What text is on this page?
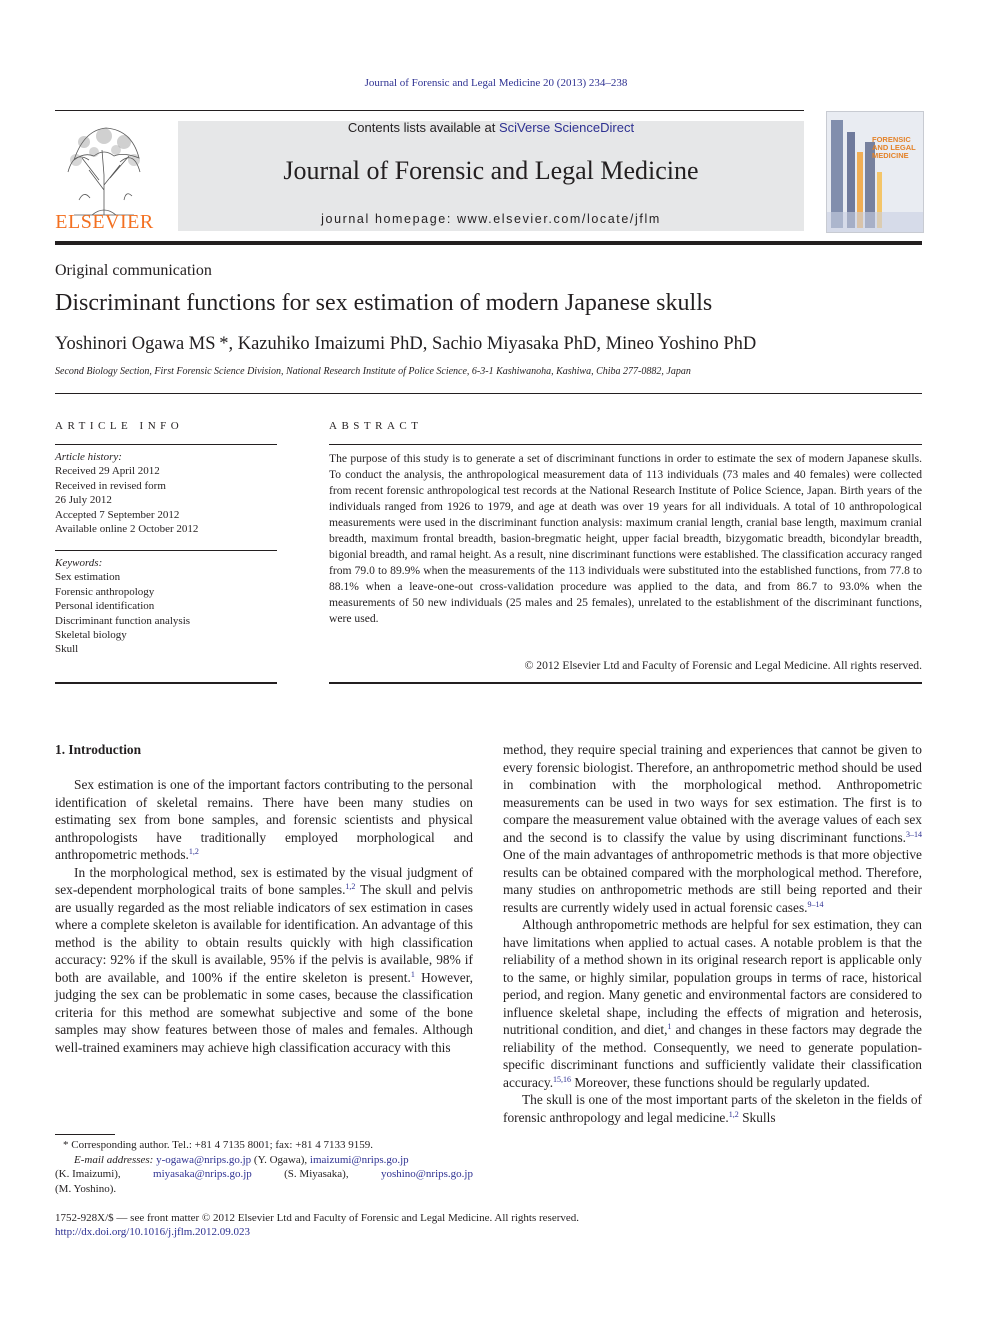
Journal of Forensic and Legal Medicine 20 (2013) 234–238
ELSEVIER
Contents lists available at SciVerse ScienceDirect
Journal of Forensic and Legal Medicine
journal homepage: www.elsevier.com/locate/jflm
FORENSIC
AND LEGAL
MEDICINE
Original communication
Discriminant functions for sex estimation of modern Japanese skulls
Yoshinori Ogawa MS *, Kazuhiko Imaizumi PhD, Sachio Miyasaka PhD, Mineo Yoshino PhD
Second Biology Section, First Forensic Science Division, National Research Institute of Police Science, 6-3-1 Kashiwanoha, Kashiwa, Chiba 277-0882, Japan
ARTICLE INFO
Article history:
Received 29 April 2012
Received in revised form
26 July 2012
Accepted 7 September 2012
Available online 2 October 2012
Keywords:
Sex estimation
Forensic anthropology
Personal identification
Discriminant function analysis
Skeletal biology
Skull
ABSTRACT
The purpose of this study is to generate a set of discriminant functions in order to estimate the sex of modern Japanese skulls. To conduct the analysis, the anthropological measurement data of 113 individuals (73 males and 40 females) were collected from recent forensic anthropological test records at the National Research Institute of Police Science, Japan. Birth years of the individuals ranged from 1926 to 1979, and age at death was over 19 years for all individuals. A total of 10 anthropological measurements were used in the discriminant function analysis: maximum cranial length, cranial base length, maximum cranial breadth, maximum frontal breadth, basion-bregmatic height, upper facial breadth, bizygomatic breadth, bicondylar breadth, bigonial breadth, and ramal height. As a result, nine discriminant functions were established. The classification accuracy ranged from 79.0 to 89.9% when the measurements of the 113 individuals were substituted into the established functions, from 77.8 to 88.1% when a leave-one-out cross-validation procedure was applied to the data, and from 86.7 to 93.0% when the measurements of 50 new individuals (25 males and 25 females), unrelated to the establishment of the discriminant functions, were used.
© 2012 Elsevier Ltd and Faculty of Forensic and Legal Medicine. All rights reserved.
1. Introduction

Sex estimation is one of the important factors contributing to the personal identification of skeletal remains. There have been many studies on estimating sex from bone samples, and forensic scientists and physical anthropologists have traditionally employed morphological and anthropometric methods.$^{1,2}$

In the morphological method, sex is estimated by the visual judgment of sex-dependent morphological traits of bone samples.$^{1,2}$ The skull and pelvis are usually regarded as the most reliable indicators of sex estimation in cases where a complete skeleton is available for identification. An advantage of this method is the ability to obtain results quickly with high classification accuracy: 92% if the skull is available, 95% if the pelvis is available, 98% if both are available, and 100% if the entire skeleton is present.$^1$ However, judging the sex can be problematic in some cases, because the classification criteria for this method are somewhat subjective and some of the bone samples may show features between those of males and females. Although well-trained examiners may achieve high classification accuracy with this

method, they require special training and experiences that cannot be given to every forensic biologist. Therefore, an anthropometric method should be used in combination with the morphological method. Anthropometric measurements can be used in two ways for sex estimation. The first is to compare the measurement value obtained with the average values of each sex and the second is to classify the value by using discriminant functions.$^{3-14}$ One of the main advantages of anthropometric methods is that more objective results can be obtained compared with the morphological method. Therefore, many studies on anthropometric methods are still being reported and their results are currently widely used in actual forensic cases.$^{9-14}$

Although anthropometric methods are helpful for sex estimation, they can have limitations when applied to actual cases. A notable problem is that the reliability of a method shown in its original research report is applicable only to the same, or highly similar, population groups in terms of race, historical period, and region. Many genetic and environmental factors are considered to influence skeletal shape, including the effects of migration and heterosis, nutritional condition, and diet,$^1$ and changes in these factors may degrade the reliability of the method. Consequently, we need to generate population-specific discriminant functions and sufficiently validate their classification accuracy.$^{15,16}$ Moreover, these functions should be regularly updated.

The skull is one of the most important parts of the skeleton in the fields of forensic anthropology and legal medicine.$^{1,2}$ Skulls

* Corresponding author. Tel.: +81 4 7135 8001; fax: +81 4 7133 9159.
E-mail addresses: y-ogawa@nrips.go.jp (Y. Ogawa), imaizumi@nrips.go.jp
(K. Imaizumi),	miyasaka@nrips.go.jp	(S. Miyasaka),	yoshino@nrips.go.jp
(M. Yoshino).
1752-928X/$ — see front matter © 2012 Elsevier Ltd and Faculty of Forensic and Legal Medicine. All rights reserved.
http://dx.doi.org/10.1016/j.jflm.2012.09.023
